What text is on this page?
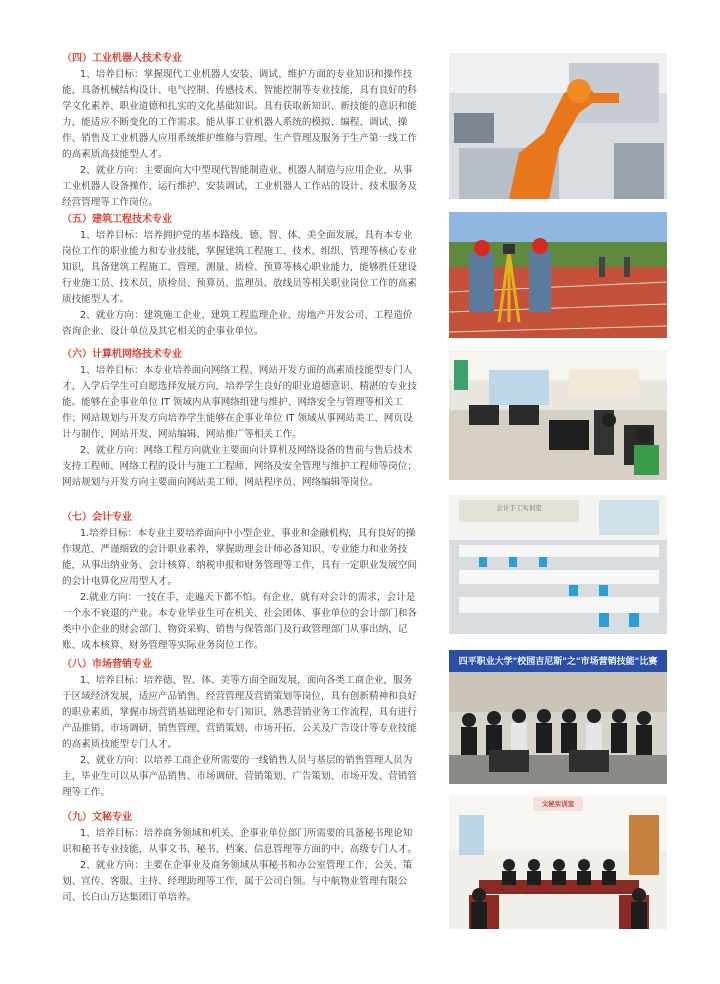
（四）工业机器人技术专业

1、培养目标：掌握现代工业机器人安装、调试、维护方面的专业知识和操作技能，具备机械结构设计、电气控制、传感技术、智能控制等专业技能，具有良好的科学文化素养、职业道德和扎实的文化基础知识。具有获取新知识、新技能的意识和能力，能适应不断变化的工作需求。能从事工业机器人系统的模拟、编程、调试、操作、销售及工业机器人应用系统维护维修与管理、生产管理及服务于生产第一线工作的高素质高技能型人才。

2、就业方向：主要面向大中型现代智能制造业、机器人制造与应用企业，从事工业机器人设备操作、运行维护、安装调试，工业机器人工作站的设计、技术服务及经营管理等工作岗位。

（五）建筑工程技术专业

1、培养目标：培养拥护党的基本路线、德、智、体、美全面发展，具有本专业岗位工作的职业能力和专业技能，掌握建筑工程施工、技术、组织、管理等核心专业知识，具备建筑工程施工、管理、测量、质检、预算等核心职业能力，能够胜任建设行业施工员、技术员、质检员、预算员、监理员、放线员等相关职业岗位工作的高素质技能型人才。

2、就业方向：建筑施工企业、建筑工程监理企业、房地产开发公司、工程造价咨询企业、设计单位及其它相关的企事业单位。

（六）计算机网络技术专业

1、培养目标：本专业培养面向网络工程、网站开发方面的高素质技能型专门人才，入学后学生可自愿选择发展方向，培养学生良好的职业道德意识、精湛的专业技能。能够在企事业单位 IT 领域内从事网络组建与维护、网络安全与管理等相关工作；网站规划与开发方向培养学生能够在企事业单位 IT 领域从事网站美工、网页设计与制作、网站开发、网站编辑、网站推广等相关工作。

2、就业方向：网络工程方向就业主要面向计算机及网络设备的售前与售后技术支持工程师、网络工程的设计与施工工程师、网络及安全管理与维护工程师等岗位；网站规划与开发方向主要面向网站美工师、网站程序员、网络编辑等岗位。

（七）会计专业

1.培养目标：本专业主要培养面向中小型企业、事业和金融机构，具有良好的操作规范、严谨细致的会计职业素养，掌握助理会计师必备知识、专业能力和业务技能，从事出纳业务、会计核算、纳税申报和财务管理等工作，具有一定职业发展空间的会计电算化应用型人才。

2.就业方向：一技在手，走遍天下都不怕。有企业，就有对会计的需求，会计是一个永不衰退的产业。本专业毕业生可在机关、社会团体、事业单位的会计部门和各类中小企业的财会部门、物资采购、销售与保管部门及行政管理部门从事出纳、记账、成本核算、财务管理等实际业务岗位工作。

（八）市场营销专业

1、培养目标：培养德、智、体、美等方面全面发展，面向各类工商企业，服务于区域经济发展，适应产品销售、经营管理及营销策划等岗位，具有创新精神和良好的职业素质，掌握市场营销基础理论和专门知识，熟悉营销业务工作流程，具有进行产品推销、市场调研、销售管理、营销策划、市场开拓、公关及广告设计等专业技能的高素质技能型专门人才。

2、就业方向：以培养工商企业所需要的一线销售人员与基层的销售管理人员为主，毕业生可以从事产品销售、市场调研、营销策划、广告策划、市场开发、营销管理等工作。

（九）文秘专业

1、培养目标：培养商务领域和机关、企事业单位部门所需要的具备秘书理论知识和秘书专业技能，从事文书、秘书、档案、信息管理等方面的中、高级专门人才。

2、就业方向：主要在企事业及商务领域从事秘书和办公室管理工作，公关、策划、宣传、客服、主持、经理助理等工作，属于公司白领。与中航物业管理有限公司、长白山万达集团订单培养。

会计手工实训室
四平职业大学"校园吉尼斯"之"市场营销技能"比赛
文秘实训室
